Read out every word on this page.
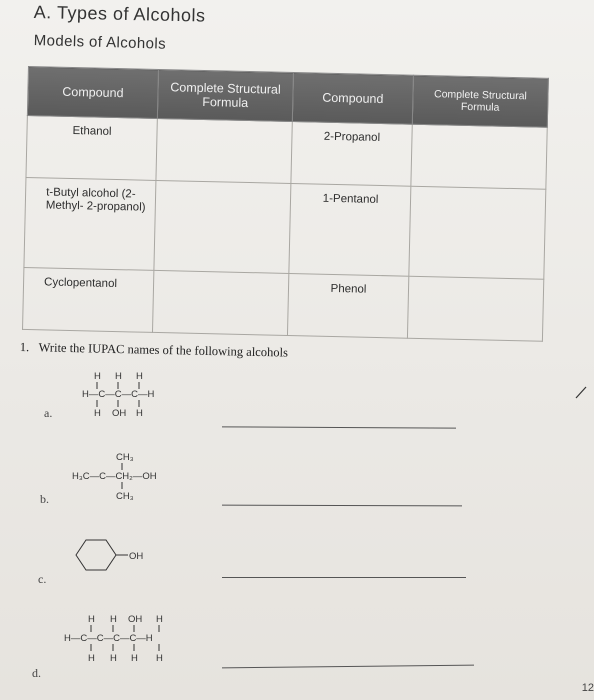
A. Types of Alcohols
Models of Alcohols
Compound	Complete Structural Formula	Compound	Complete Structural Formula
Ethanol		2-Propanol	
t-Butyl alcohol (2-Methyl- 2-propanol)		1-Pentanol	
Cyclopentanol		Phenol	
1. Write the IUPAC names of the following alcohols
a.
H H H
H—C—C—C—H
H OH H
b.
CH₃
H₃C—C—CH₂—OH
CH₃
c.
OH
d.
H H OH H
H—C—C—C—C—H
H H H H
12
